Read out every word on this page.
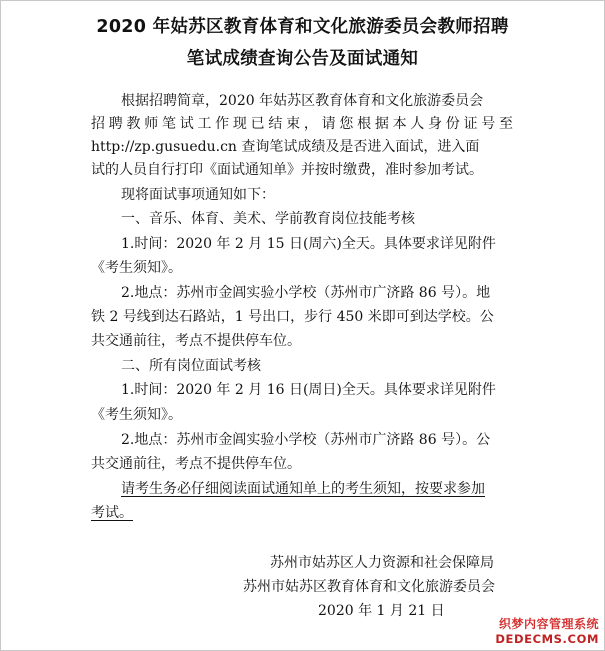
2020 年姑苏区教育体育和文化旅游委员会教师招聘
笔试成绩查询公告及面试通知
根据招聘简章，2020 年姑苏区教育体育和文化旅游委员会
招聘教师笔试工作现已结束，请您根据本人身份证号至
http://zp.gusuedu.cn 查询笔试成绩及是否进入面试，进入面
试的人员自行打印《面试通知单》并按时缴费，准时参加考试。
现将面试事项通知如下：
一、音乐、体育、美术、学前教育岗位技能考核
1.时间：2020 年 2 月 15 日(周六)全天。具体要求详见附件
《考生须知》。
2.地点：苏州市金阊实验小学校（苏州市广济路 86 号）。地
铁 2 号线到达石路站，1 号出口，步行 450 米即可到达学校。公
共交通前往，考点不提供停车位。
二、所有岗位面试考核
1.时间：2020 年 2 月 16 日(周日)全天。具体要求详见附件
《考生须知》。
2.地点：苏州市金阊实验小学校（苏州市广济路 86 号）。公
共交通前往，考点不提供停车位。
请考生务必仔细阅读面试通知单上的考生须知，按要求参加
考试。
苏州市姑苏区人力资源和社会保障局
苏州市姑苏区教育体育和文化旅游委员会
2020 年 1 月 21 日
织梦内容管理系统
DEDECMS.COM
